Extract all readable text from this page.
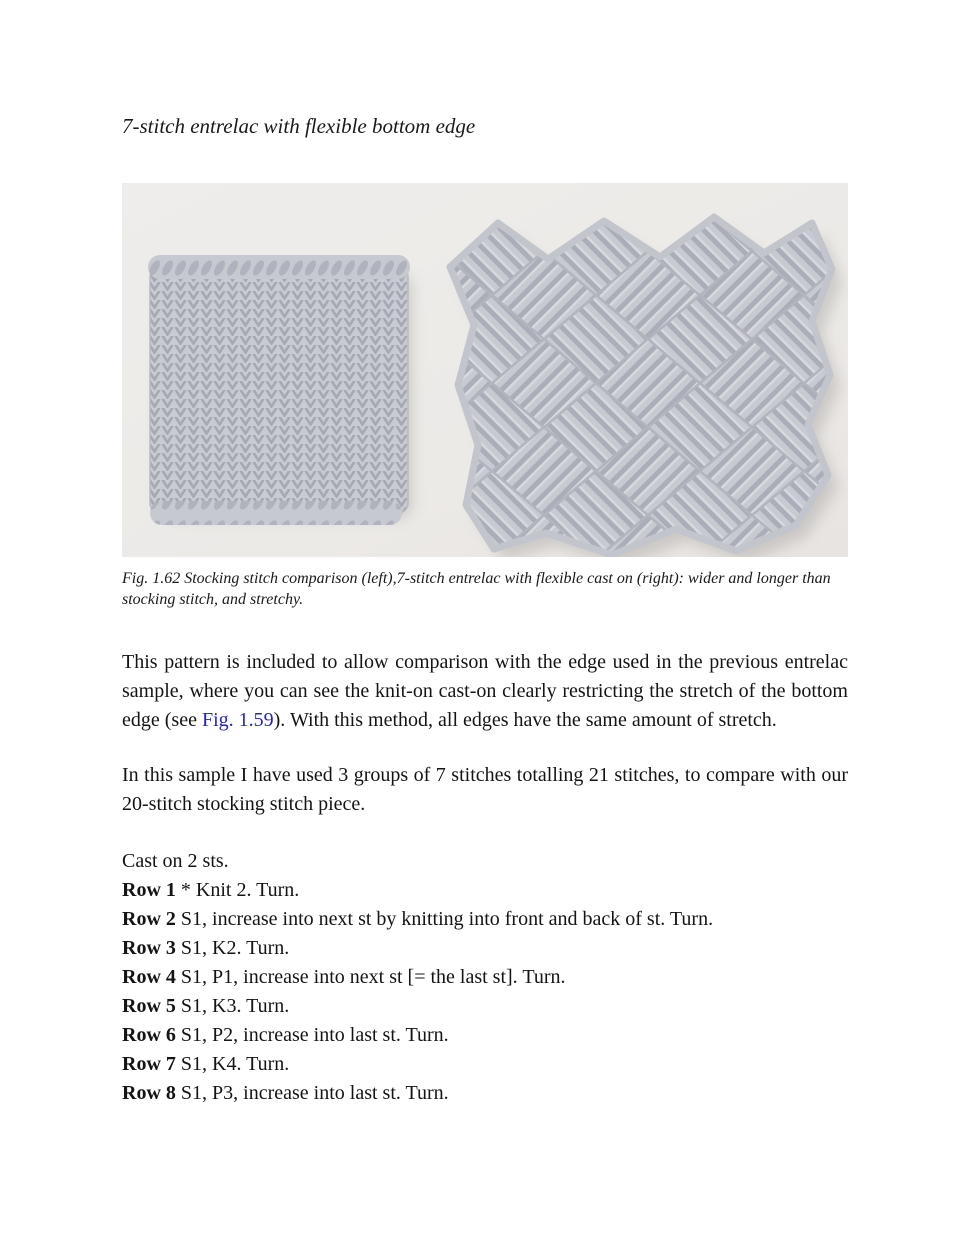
7-stitch entrelac with flexible bottom edge

Fig. 1.62 Stocking stitch comparison (left),7-stitch entrelac with flexible cast on (right): wider and longer than stocking stitch, and stretchy.

This pattern is included to allow comparison with the edge used in the previous entrelac sample, where you can see the knit-on cast-on clearly restricting the stretch of the bottom edge (see Fig. 1.59). With this method, all edges have the same amount of stretch.

In this sample I have used 3 groups of 7 stitches totalling 21 stitches, to compare with our 20-stitch stocking stitch piece.

Cast on 2 sts.
Row 1 * Knit 2. Turn.
Row 2 S1, increase into next st by knitting into front and back of st. Turn.
Row 3 S1, K2. Turn.
Row 4 S1, P1, increase into next st [= the last st]. Turn.
Row 5 S1, K3. Turn.
Row 6 S1, P2, increase into last st. Turn.
Row 7 S1, K4. Turn.
Row 8 S1, P3, increase into last st. Turn.
